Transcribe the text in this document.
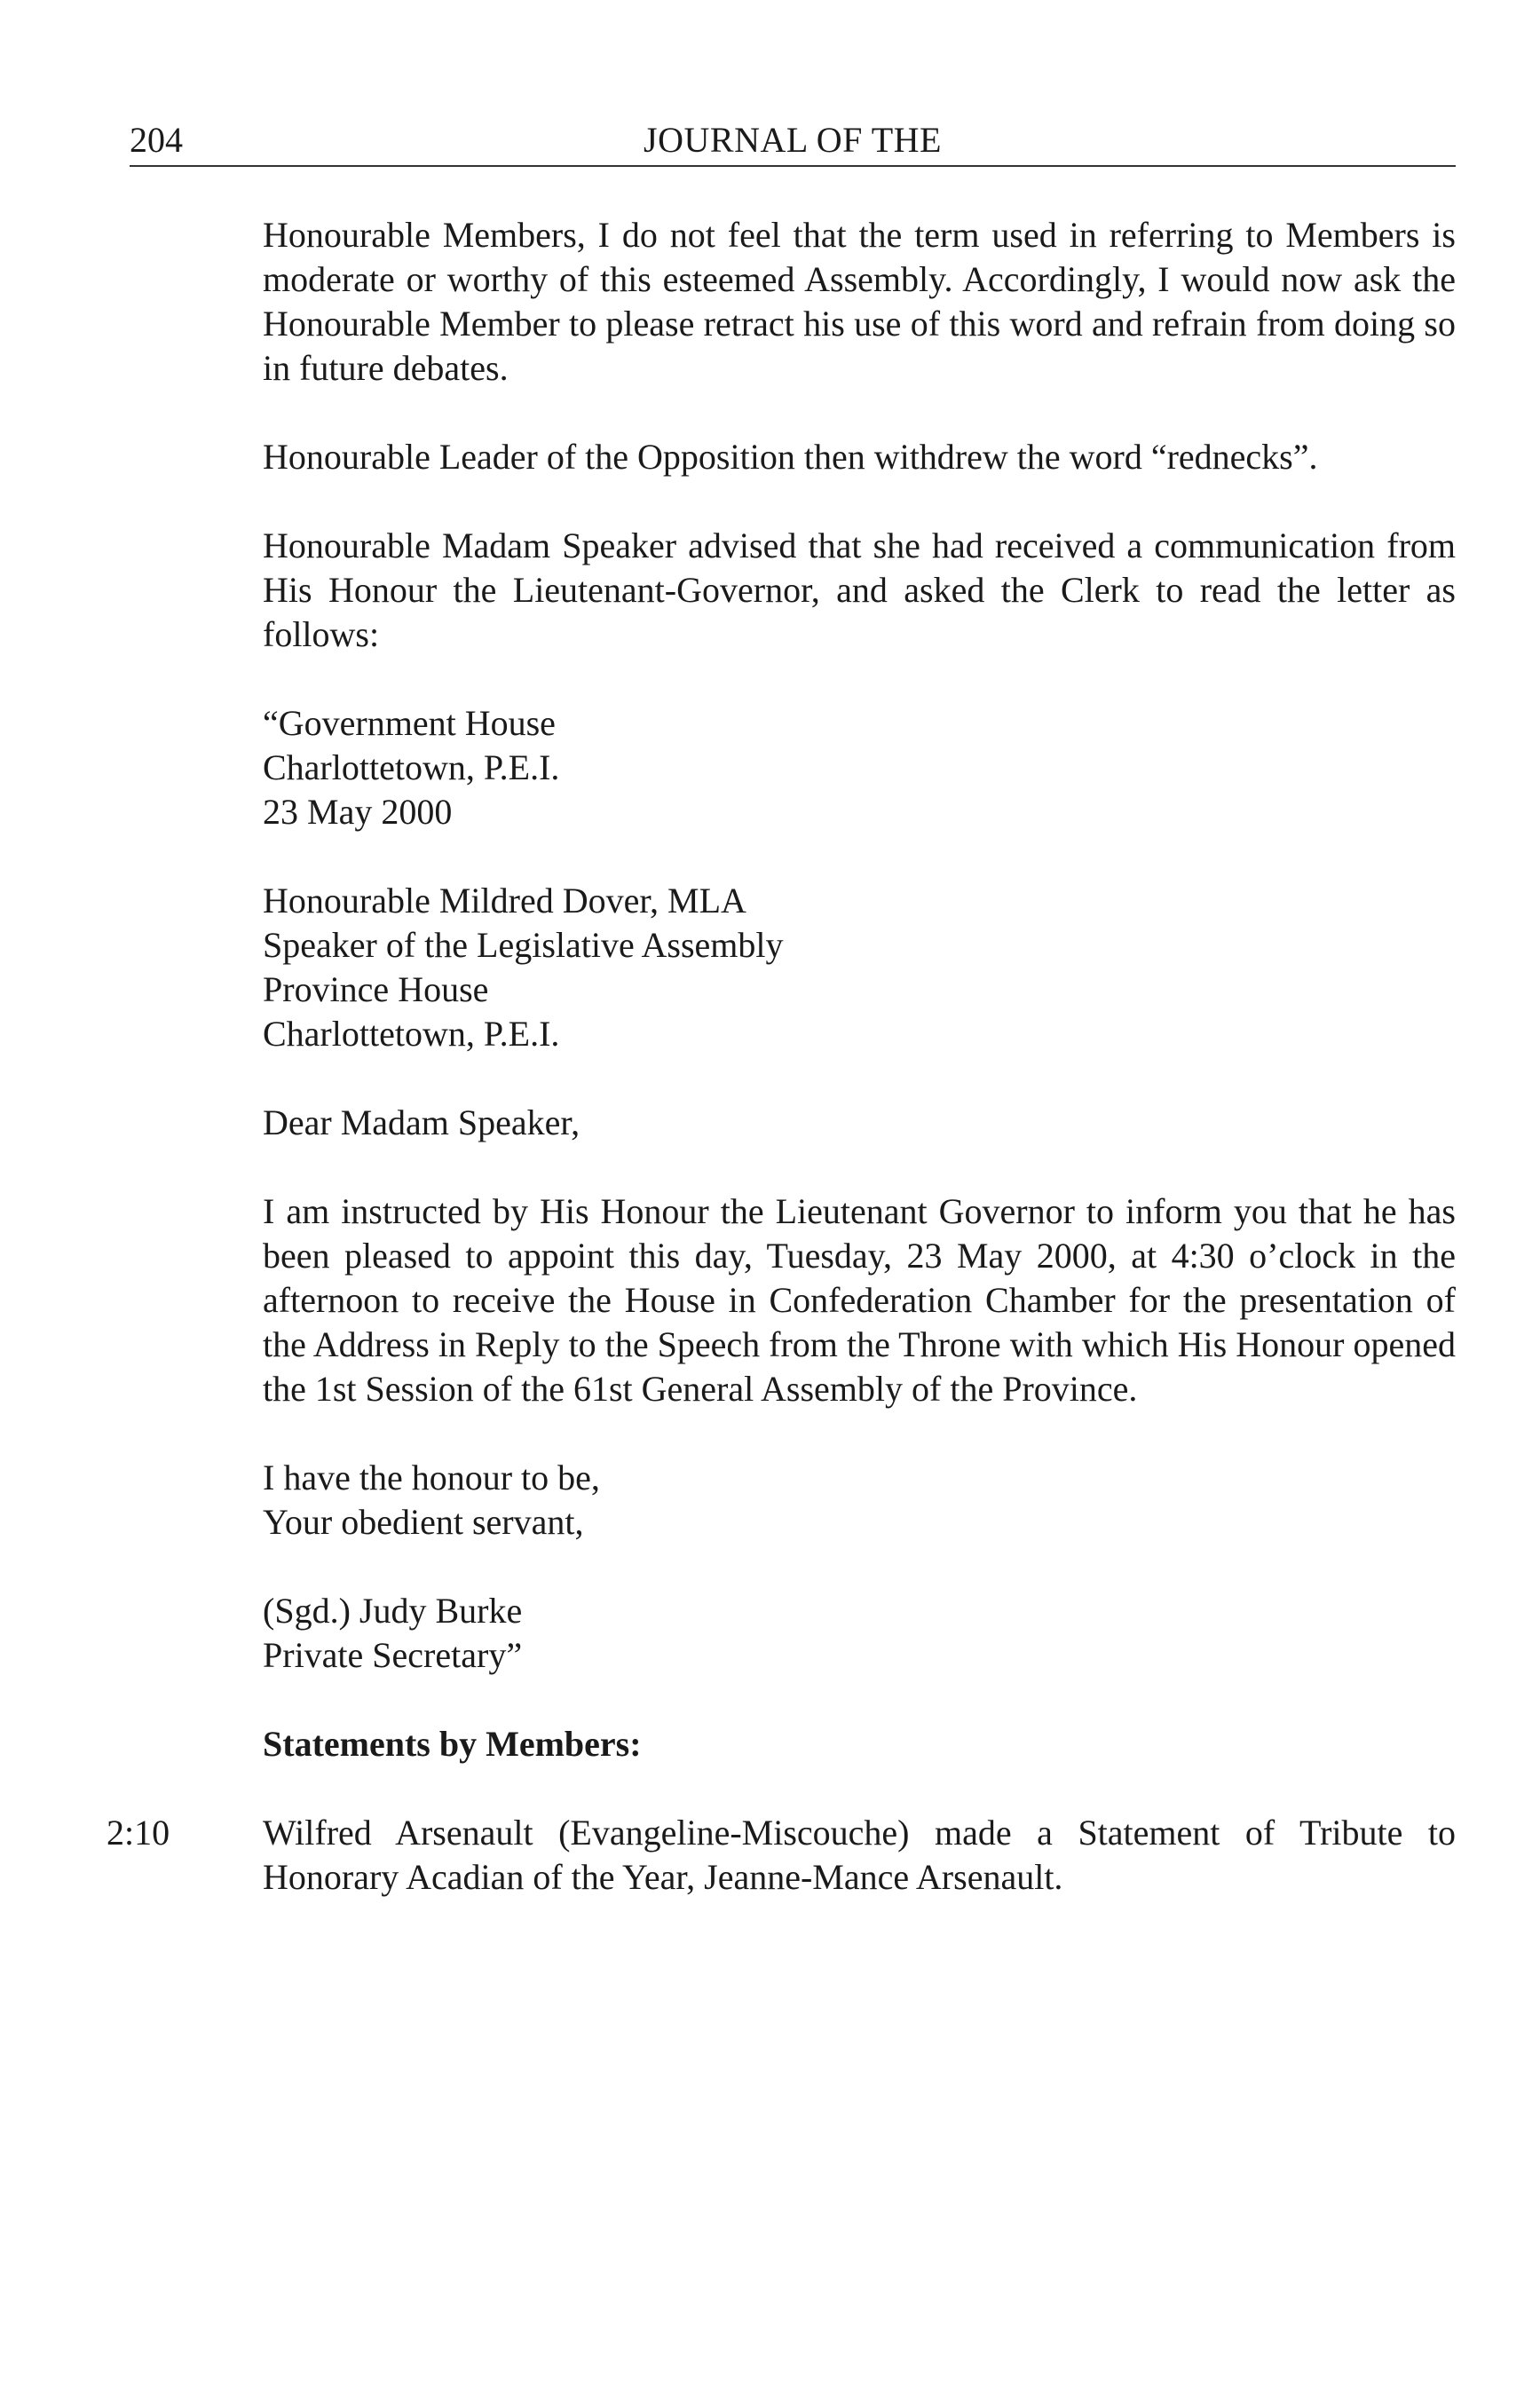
204	JOURNAL OF THE

Honourable Members, I do not feel that the term used in referring to Members is moderate or worthy of this esteemed Assembly. Accordingly, I would now ask the Honourable Member to please retract his use of this word and refrain from doing so in future debates.

Honourable Leader of the Opposition then withdrew the word “rednecks”.

Honourable Madam Speaker advised that she had received a communication from His Honour the Lieutenant-Governor, and asked the Clerk to read the letter as follows:

“Government House
Charlottetown, P.E.I.
23 May 2000
Honourable Mildred Dover, MLA
Speaker of the Legislative Assembly
Province House
Charlottetown, P.E.I.

Dear Madam Speaker,

I am instructed by His Honour the Lieutenant Governor to inform you that he has been pleased to appoint this day, Tuesday, 23 May 2000, at 4:30 o’clock in the afternoon to receive the House in Confederation Chamber for the presentation of the Address in Reply to the Speech from the Throne with which His Honour opened the 1st Session of the 61st General Assembly of the Province.

I have the honour to be,
Your obedient servant,
(Sgd.) Judy Burke
Private Secretary”

Statements by Members:

2:10	Wilfred Arsenault (Evangeline-Miscouche) made a Statement of Tribute to Honorary Acadian of the Year, Jeanne-Mance Arsenault.
